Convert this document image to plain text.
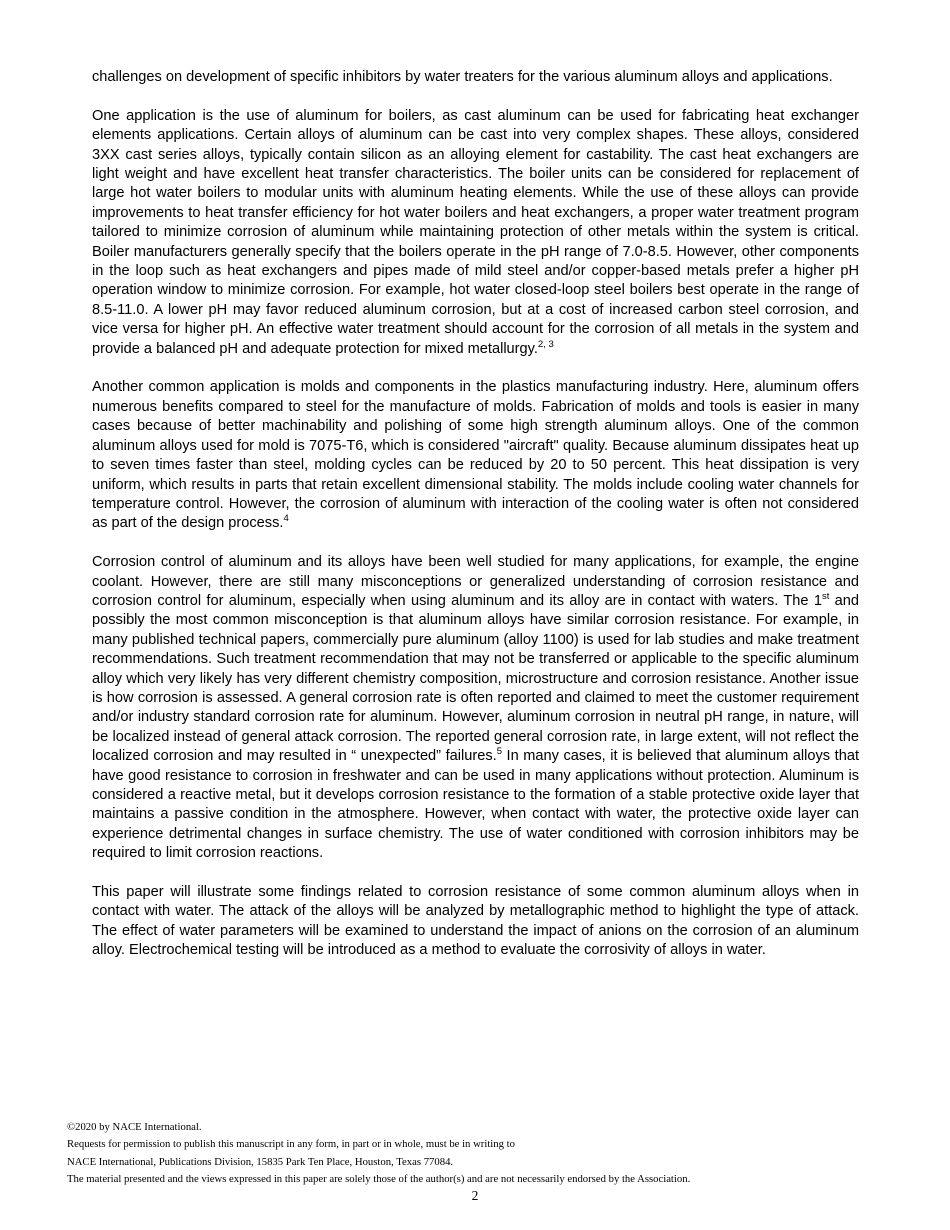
challenges on development of specific inhibitors by water treaters for the various aluminum alloys and applications.

One application is the use of aluminum for boilers, as cast aluminum can be used for fabricating heat exchanger elements applications. Certain alloys of aluminum can be cast into very complex shapes. These alloys, considered 3XX cast series alloys, typically contain silicon as an alloying element for castability. The cast heat exchangers are light weight and have excellent heat transfer characteristics. The boiler units can be considered for replacement of large hot water boilers to modular units with aluminum heating elements. While the use of these alloys can provide improvements to heat transfer efficiency for hot water boilers and heat exchangers, a proper water treatment program tailored to minimize corrosion of aluminum while maintaining protection of other metals within the system is critical. Boiler manufacturers generally specify that the boilers operate in the pH range of 7.0-8.5. However, other components in the loop such as heat exchangers and pipes made of mild steel and/or copper-based metals prefer a higher pH operation window to minimize corrosion. For example, hot water closed-loop steel boilers best operate in the range of 8.5-11.0. A lower pH may favor reduced aluminum corrosion, but at a cost of increased carbon steel corrosion, and vice versa for higher pH. An effective water treatment should account for the corrosion of all metals in the system and provide a balanced pH and adequate protection for mixed metallurgy.$^{2, 3}$

Another common application is molds and components in the plastics manufacturing industry. Here, aluminum offers numerous benefits compared to steel for the manufacture of molds. Fabrication of molds and tools is easier in many cases because of better machinability and polishing of some high strength aluminum alloys. One of the common aluminum alloys used for mold is 7075-T6, which is considered "aircraft" quality. Because aluminum dissipates heat up to seven times faster than steel, molding cycles can be reduced by 20 to 50 percent. This heat dissipation is very uniform, which results in parts that retain excellent dimensional stability. The molds include cooling water channels for temperature control. However, the corrosion of aluminum with interaction of the cooling water is often not considered as part of the design process.$^4$

Corrosion control of aluminum and its alloys have been well studied for many applications, for example, the engine coolant. However, there are still many misconceptions or generalized understanding of corrosion resistance and corrosion control for aluminum, especially when using aluminum and its alloy are in contact with waters. The 1st and possibly the most common misconception is that aluminum alloys have similar corrosion resistance. For example, in many published technical papers, commercially pure aluminum (alloy 1100) is used for lab studies and make treatment recommendations. Such treatment recommendation that may not be transferred or applicable to the specific aluminum alloy which very likely has very different chemistry composition, microstructure and corrosion resistance. Another issue is how corrosion is assessed. A general corrosion rate is often reported and claimed to meet the customer requirement and/or industry standard corrosion rate for aluminum. However, aluminum corrosion in neutral pH range, in nature, will be localized instead of general attack corrosion. The reported general corrosion rate, in large extent, will not reflect the localized corrosion and may resulted in “ unexpected” failures.$^5$ In many cases, it is believed that aluminum alloys that have good resistance to corrosion in freshwater and can be used in many applications without protection. Aluminum is considered a reactive metal, but it develops corrosion resistance to the formation of a stable protective oxide layer that maintains a passive condition in the atmosphere. However, when contact with water, the protective oxide layer can experience detrimental changes in surface chemistry. The use of water conditioned with corrosion inhibitors may be required to limit corrosion reactions.

This paper will illustrate some findings related to corrosion resistance of some common aluminum alloys when in contact with water. The attack of the alloys will be analyzed by metallographic method to highlight the type of attack. The effect of water parameters will be examined to understand the impact of anions on the corrosion of an aluminum alloy. Electrochemical testing will be introduced as a method to evaluate the corrosivity of alloys in water.

©2020 by NACE International.
Requests for permission to publish this manuscript in any form, in part or in whole, must be in writing to
NACE International, Publications Division, 15835 Park Ten Place, Houston, Texas 77084.
The material presented and the views expressed in this paper are solely those of the author(s) and are not necessarily endorsed by the Association.
2
